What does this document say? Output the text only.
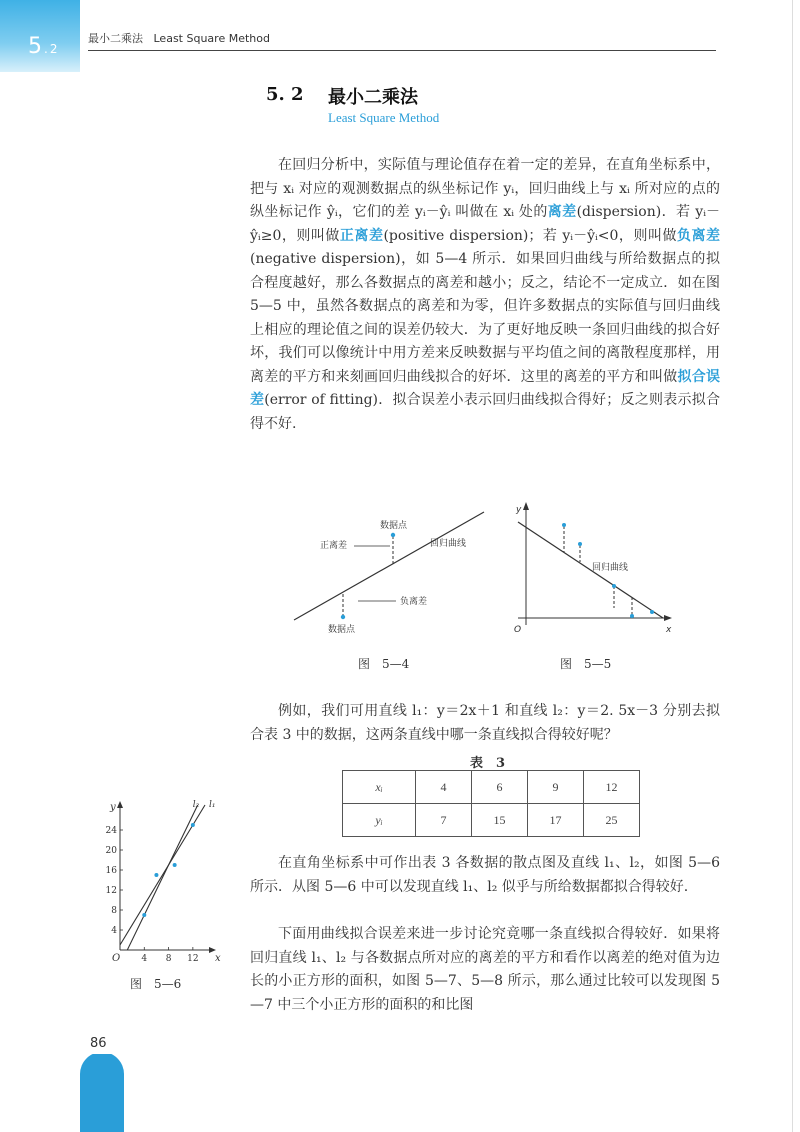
5.2
最小二乘法 Least Square Method
5. 2 最小二乘法
Least Square Method

在回归分析中，实际值与理论值存在着一定的差异，在直角坐标系中，把与 xᵢ 对应的观测数据点的纵坐标记作 yᵢ，回归曲线上与 xᵢ 所对应的点的纵坐标记作 ŷᵢ，它们的差 yᵢ－ŷᵢ 叫做在 xᵢ 处的离差(dispersion)．若 yᵢ－ŷᵢ≥0，则叫做正离差(positive dispersion)；若 yᵢ－ŷᵢ<0，则叫做负离差(negative dispersion)，如 5—4 所示．如果回归曲线与所给数据点的拟合程度越好，那么各数据点的离差和越小；反之，结论不一定成立．如在图 5—5 中，虽然各数据点的离差和为零，但许多数据点的实际值与回归曲线上相应的理论值之间的误差仍较大．为了更好地反映一条回归曲线的拟合好坏，我们可以像统计中用方差来反映数据与平均值之间的离散程度那样，用离差的平方和来刻画回归曲线拟合的好坏．这里的离差的平方和叫做拟合误差(error of fitting)．拟合误差小表示回归曲线拟合得好；反之则表示拟合得不好.

数据点
正离差	回归曲线
负离差
数据点
图　5—4
回归曲线
y
x
O
图　5—5

例如，我们可用直线 l₁：y＝2x＋1 和直线 l₂：y＝2. 5x－3 分别去拟合表 3 中的数据，这两条直线中哪一条直线拟合得较好呢？

表　3
xᵢ	4	6	9	12
yᵢ	7	15	17	25
4
8
12
16
20
24
4 8 12
O
y
x
l₂ l₁
图　5—6

在直角坐标系中可作出表 3 各数据的散点图及直线 l₁、l₂，如图 5—6 所示．从图 5—6 中可以发现直线 l₁、l₂ 似乎与所给数据都拟合得较好.

下面用曲线拟合误差来进一步讨论究竟哪一条直线拟合得较好．如果将回归直线 l₁、l₂ 与各数据点所对应的离差的平方和看作以离差的绝对值为边长的小正方形的面积，如图 5—7、5—8 所示，那么通过比较可以发现图 5—7 中三个小正方形的面积的和比图

86
